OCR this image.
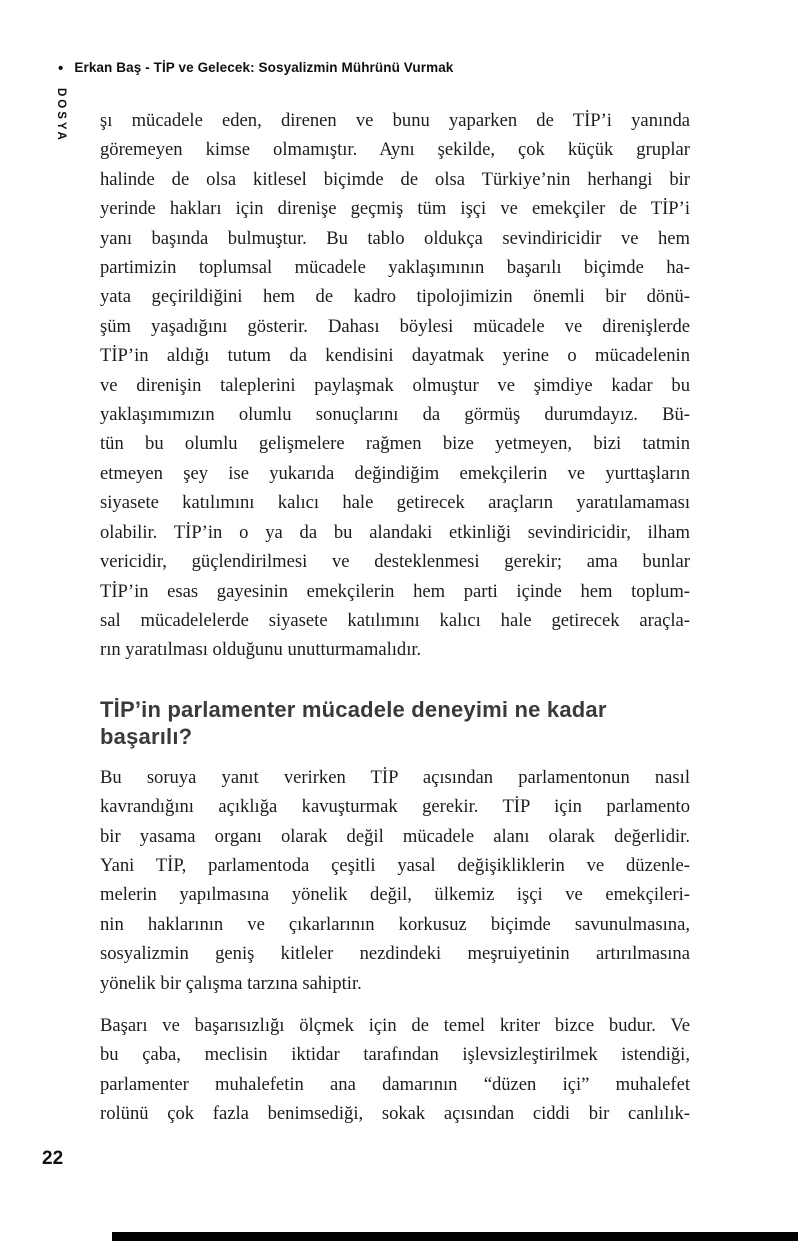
• Erkan Baş - TİP ve Gelecek: Sosyalizmin Mührünü Vurmak
DOSYA şı mücadele eden, direnen ve bunu yaparken de TİP’i yanında
göremeyen kimse olmamıştır. Aynı şekilde, çok küçük gruplar
halinde de olsa kitlesel biçimde de olsa Türkiye’nin herhangi bir
yerinde hakları için direnişe geçmiş tüm işçi ve emekçiler de TİP’i
yanı başında bulmuştur. Bu tablo oldukça sevindiricidir ve hem
partimizin toplumsal mücadele yaklaşımının başarılı biçimde ha-
yata geçirildiğini hem de kadro tipolojimizin önemli bir dönü-
şüm yaşadığını gösterir. Dahası böylesi mücadele ve direnişlerde
TİP’in aldığı tutum da kendisini dayatmak yerine o mücadelenin
ve direnişin taleplerini paylaşmak olmuştur ve şimdiye kadar bu
yaklaşımımızın olumlu sonuçlarını da görmüş durumdayız. Bü-
tün bu olumlu gelişmelere rağmen bize yetmeyen, bizi tatmin
etmeyen şey ise yukarıda değindiğim emekçilerin ve yurttaşların
siyasete katılımını kalıcı hale getirecek araçların yaratılamaması
olabilir. TİP’in o ya da bu alandaki etkinliği sevindiricidir, ilham
vericidir, güçlendirilmesi ve desteklenmesi gerekir; ama bunlar
TİP’in esas gayesinin emekçilerin hem parti içinde hem toplum-
sal mücadelelerde siyasete katılımını kalıcı hale getirecek araçla-
rın yaratılması olduğunu unutturmamalıdır.
TİP’in parlamenter mücadele deneyimi ne kadar
başarılı?
Bu soruya yanıt verirken TİP açısından parlamentonun nasıl
kavrandığını açıklığa kavuşturmak gerekir. TİP için parlamento
bir yasama organı olarak değil mücadele alanı olarak değerlidir.
Yani TİP, parlamentoda çeşitli yasal değişikliklerin ve düzenle-
melerin yapılmasına yönelik değil, ülkemiz işçi ve emekçileri-
nin haklarının ve çıkarlarının korkusuz biçimde savunulmasına,
sosyalizmin geniş kitleler nezdindeki meşruiyetinin artırılmasına
yönelik bir çalışma tarzına sahiptir.
Başarı ve başarısızlığı ölçmek için de temel kriter bizce budur. Ve
bu çaba, meclisin iktidar tarafından işlevsizleştirilmek istendiği,
parlamenter muhalefetin ana damarının “düzen içi” muhalefet
rolünü çok fazla benimsediği, sokak açısından ciddi bir canlılık-
22
